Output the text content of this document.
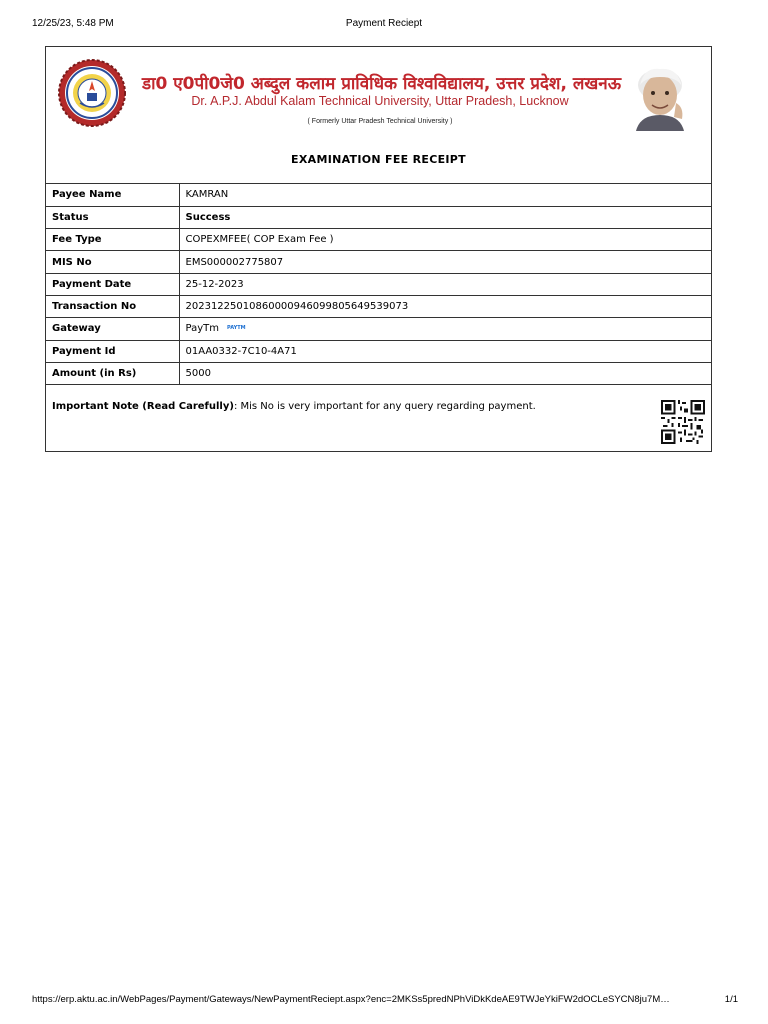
12/25/23, 5:48 PM	Payment Reciept
डा0 ए0पी0जे0 अब्दुल कलाम प्राविधिक विश्वविद्यालय, उत्तर प्रदेश, लखनऊ
Dr. A.P.J. Abdul Kalam Technical University, Uttar Pradesh, Lucknow
( Formerly Uttar Pradesh Technical University )
EXAMINATION FEE RECEIPT
Payee Name	KAMRAN
Status	Success
Fee Type	COPEXMFEE( COP Exam Fee )
MIS No	EMS000002775807
Payment Date	25-12-2023
Transaction No	20231225010860000946099805649539073
Gateway	PayTm PAYTM
Payment Id	01AA0332-7C10-4A71
Amount (in Rs)	5000
Important Note (Read Carefully): Mis No is very important for any query regarding payment.
https://erp.aktu.ac.in/WebPages/Payment/Gateways/NewPaymentReciept.aspx?enc=2MKSs5predNPhViDkKdeAE9TWJeYkiFW2dOCLeSYCN8ju7M…	1/1
